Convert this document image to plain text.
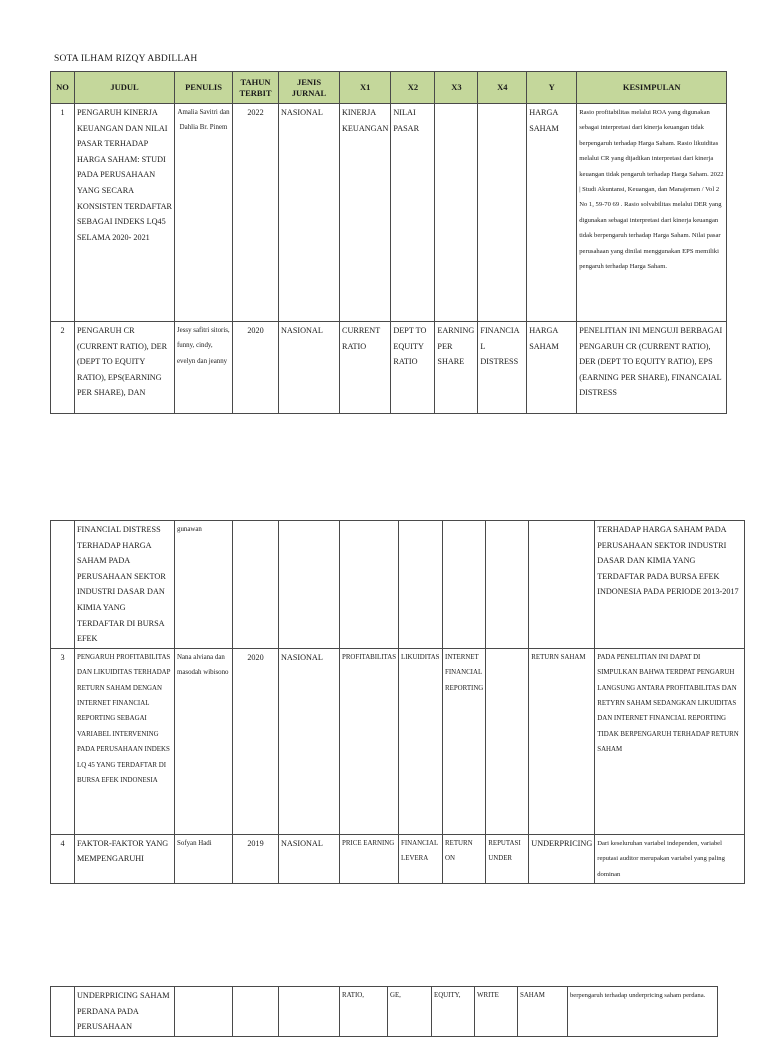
SOTA ILHAM RIZQY ABDILLAH
NO	JUDUL	PENULIS	TAHUN TERBIT	JENIS JURNAL	X1	X2	X3	X4	Y	KESIMPULAN
1	PENGARUH KINERJA KEUANGAN DAN NILAI PASAR TERHADAP HARGA SAHAM: STUDI PADA PERUSAHAAN YANG SECARA KONSISTEN TERDAFTAR SEBAGAI INDEKS LQ45 SELAMA 2020- 2021	Amalia Savitri dan Dahlia Br. Pinem	2022	NASIONAL	KINERJA KEUANGAN	NILAI PASAR			HARGA SAHAM	Rasio profitabilitas melalui ROA yang digunakan sebagai interpretasi dari kinerja keuangan tidak berpengaruh terhadap Harga Saham. Rasio likuiditas melalui CR yang dijadikan interpretasi dari kinerja keuangan tidak pengaruh terhadap Harga Saham. 2022 | Studi Akuntansi, Keuangan, dan Manajemen / Vol 2 No 1, 59-70 69 . Rasio solvabilitas melalui DER yang digunakan sebagai interpretasi dari kinerja keuangan tidak berpengaruh terhadap Harga Saham. Nilai pasar perusahaan yang dinilai menggunakan EPS memiliki pengaruh terhadap Harga Saham.
2	PENGARUH CR (CURRENT RATIO), DER (DEPT TO EQUITY RATIO), EPS(EARNING PER SHARE), DAN	Jessy safitri sitoris, funny, cindy, evelyn dan jeanny	2020	NASIONAL	CURRENT RATIO	DEPT TO EQUITY RATIO	EARNING PER SHARE	FINANCIAL DISTRESS	HARGA SAHAM	PENELITIAN INI MENGUJI BERBAGAI PENGARUH CR (CURRENT RATIO), DER (DEPT TO EQUITY RATIO), EPS (EARNING PER SHARE), FINANCAIAL DISTRESS
	FINANCIAL DISTRESS TERHADAP HARGA SAHAM PADA PERUSAHAAN SEKTOR INDUSTRI DASAR DAN KIMIA YANG TERDAFTAR DI BURSA EFEK	gunawan								TERHADAP HARGA SAHAM PADA PERUSAHAAN SEKTOR INDUSTRI DASAR DAN KIMIA YANG TERDAFTAR PADA BURSA EFEK INDONESIA PADA PERIODE 2013-2017
3	PENGARUH PROFITABILITAS DAN LIKUIDITAS TERHADAP RETURN SAHAM DENGAN INTERNET FINANCIAL REPORTING SEBAGAI VARIABEL INTERVENING PADA PERUSAHAAN INDEKS LQ 45 YANG TERDAFTAR DI BURSA EFEK INDONESIA	Nana alviana dan masodah wibisono	2020	NASIONAL	PROFITABILITAS	LIKUIDITAS	INTERNET FINANCIAL REPORTING		RETURN SAHAM	PADA PENELITIAN INI DAPAT DI SIMPULKAN BAHWA TERDPAT PENGARUH LANGSUNG ANTARA PROFITABILITAS DAN RETYRN SAHAM SEDANGKAN LIKUIDITAS DAN INTERNET FINANCIAL REPORTING TIDAK BERPENGARUH TERHADAP RETURN SAHAM
4	FAKTOR-FAKTOR YANG MEMPENGARUHI	Sofyan Hadi	2019	NASIONAL	PRICE EARNING	FINANCIAL LEVERA	RETURN ON	REPUTASI UNDER	UNDERPRICING	Dari keseluruhan variabel independen, variabel reputasi auditor merupakan variabel yang paling dominan
	UNDERPRICING SAHAM PERDANA PADA PERUSAHAAN				RATIO,	GE,	EQUITY,	WRITE	SAHAM	berpengaruh terhadap underpricing saham perdana.
